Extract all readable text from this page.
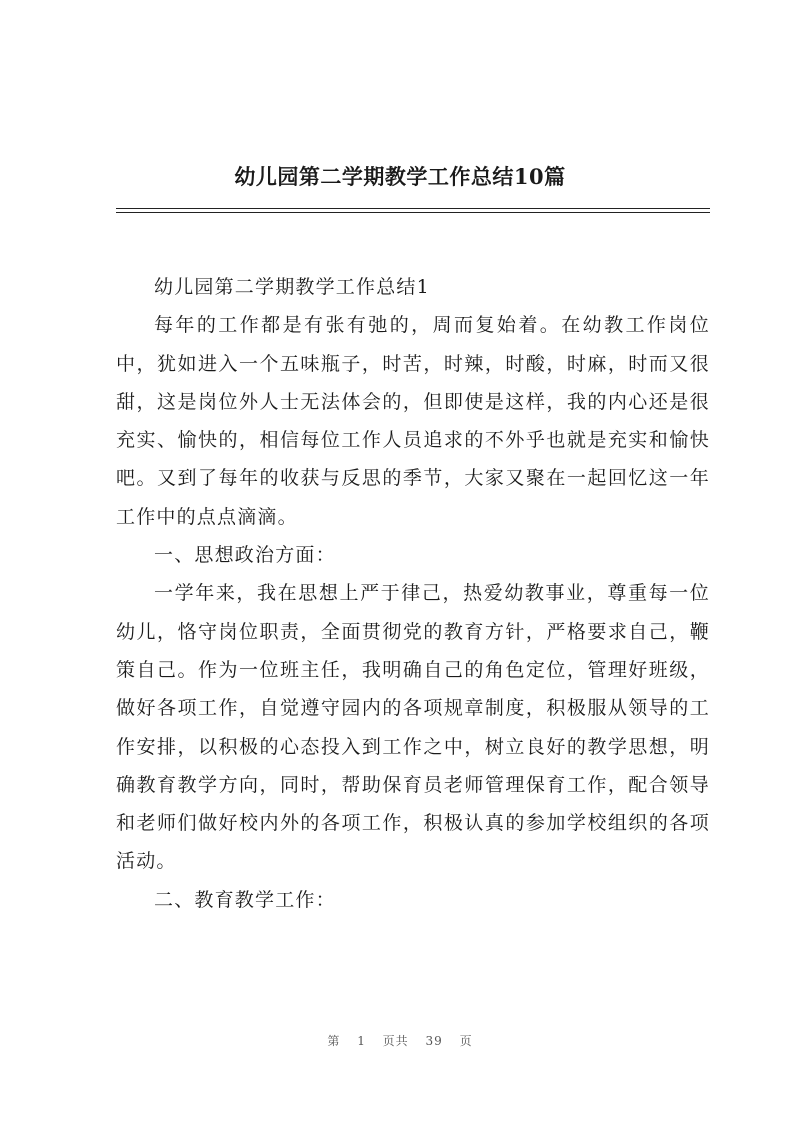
幼儿园第二学期教学工作总结10篇

幼儿园第二学期教学工作总结1

每年的工作都是有张有弛的，周而复始着。在幼教工作岗位中，犹如进入一个五味瓶子，时苦，时辣，时酸，时麻，时而又很甜，这是岗位外人士无法体会的，但即使是这样，我的内心还是很充实、愉快的，相信每位工作人员追求的不外乎也就是充实和愉快吧。又到了每年的收获与反思的季节，大家又聚在一起回忆这一年工作中的点点滴滴。

一、思想政治方面：

一学年来，我在思想上严于律己，热爱幼教事业，尊重每一位幼儿，恪守岗位职责，全面贯彻党的教育方针，严格要求自己，鞭策自己。作为一位班主任，我明确自己的角色定位，管理好班级，做好各项工作，自觉遵守园内的各项规章制度，积极服从领导的工作安排，以积极的心态投入到工作之中，树立良好的教学思想，明确教育教学方向，同时，帮助保育员老师管理保育工作，配合领导和老师们做好校内外的各项工作，积极认真的参加学校组织的各项活动。

二、教育教学工作：

第 1 页共 39 页
